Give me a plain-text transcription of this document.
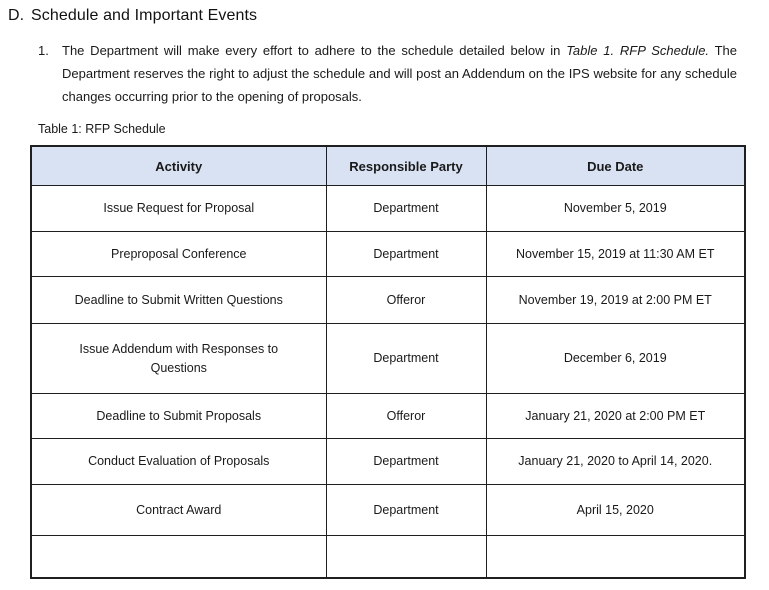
D. Schedule and Important Events
1.	The Department will make every effort to adhere to the schedule detailed below in Table 1. RFP Schedule. The Department reserves the right to adjust the schedule and will post an Addendum on the IPS website for any schedule changes occurring prior to the opening of proposals.

Table 1: RFP Schedule
Activity	Responsible Party	Due Date
Issue Request for Proposal	Department	November 5, 2019
Preproposal Conference	Department	November 15, 2019 at 11:30 AM ET
Deadline to Submit Written Questions	Offeror	November 19, 2019 at 2:00 PM ET
Issue Addendum with Responses to Questions	Department	December 6, 2019
Deadline to Submit Proposals	Offeror	January 21, 2020 at 2:00 PM ET
Conduct Evaluation of Proposals	Department	January 21, 2020 to April 14, 2020.
Contract Award	Department	April 15, 2020
